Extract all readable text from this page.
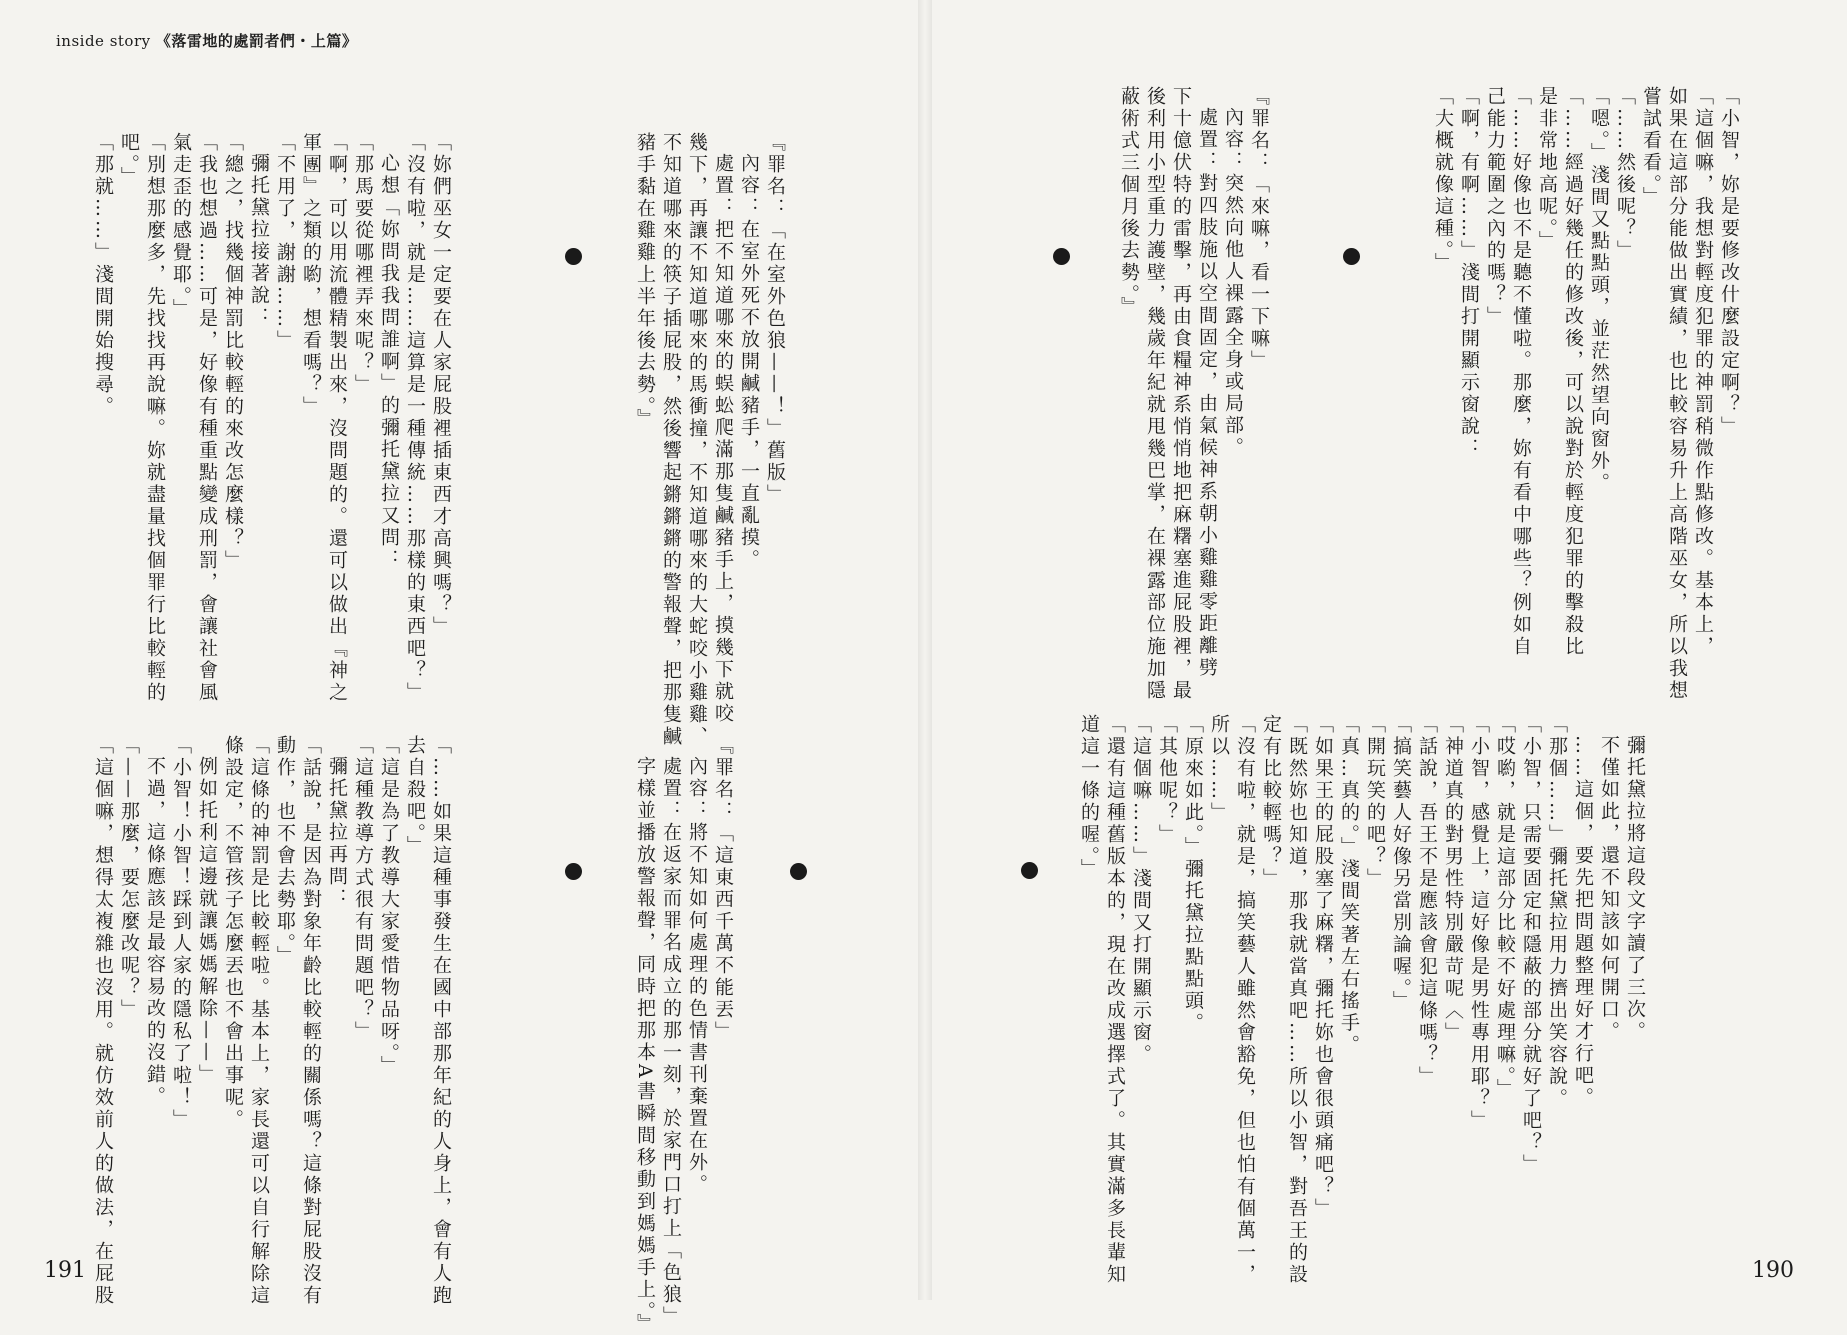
inside story 《落雷地的處罰者們・上篇》
191	190

「小智，妳是要修改什麼設定啊？」

「這個嘛，我想對輕度犯罪的神罰稍微作點修改。基本上，

如果在這部分能做出實績，也比較容易升上高階巫女，所以我想

嘗試看看。」

「……然後呢？」

「嗯。」淺間又點點頭，並茫然望向窗外。

「……經過好幾任的修改後，可以說對於輕度犯罪的擊殺比

是非常地高呢。」

「……好像也不是聽不懂啦。那麼，妳有看中哪些？例如自

己能力範圍之內的嗎？」

「啊，有啊……」淺間打開顯示窗說：

「大概就像這種。」

『罪名：「來嘛，看一下嘛」

內容：突然向他人裸露全身或局部。

處置：對四肢施以空間固定，由氣候神系朝小雞雞零距離劈

下十億伏特的雷擊，再由食糧神系悄悄地把麻糬塞進屁股裡，最

後利用小型重力護壁，幾歲年紀就甩幾巴掌，在裸露部位施加隱

蔽術式三個月後去勢。』

彌托黛拉將這段文字讀了三次。

不僅如此，還不知該如何開口。

……這個，要先把問題整理好才行吧。

「那個……」彌托黛拉用力擠出笑容說。

「小智，只需要固定和隱蔽的部分就好了吧？」

「哎喲，就是這部分比較不好處理嘛。」

「小智，感覺上，這好像是男性專用耶？」

「神道真的對男性特別嚴苛呢〈」

「話說，吾王不是應該會犯這條嗎？」

「搞笑藝人好像另當別論喔。」

「開玩笑的吧？」

「真…真的。」淺間笑著左右搖手。

「如果王的屁股塞了麻糬，彌托妳也會很頭痛吧？」

「既然妳也知道，那我就當真吧……所以小智，對吾王的設

定有比較輕嗎？」

「沒有啦，就是，搞笑藝人雖然會豁免，但也怕有個萬一，

所以……」

「原來如此。」彌托黛拉點點頭。

「其他呢？」

「這個嘛……」淺間又打開顯示窗。

「還有這種舊版本的，現在改成選擇式了。其實滿多長輩知

道這一條的喔。」

『罪名：「在室外色狼——！」舊版」

內容：在室外死不放開鹹豬手，一直亂摸。

處置：把不知道哪來的蜈蚣爬滿那隻鹹豬手上，摸幾下就咬

幾下，再讓不知道哪來的馬衝撞，不知道哪來的大蛇咬小雞雞、

不知道哪來的筷子插屁股，然後響起鏘鏘鏘的警報聲，把那隻鹹

豬手黏在雞雞上半年後去勢。』

「妳們巫女一定要在人家屁股裡插東西才高興嗎？」

「沒有啦，就是……這算是一種傳統……那樣的東西吧？」

心想「妳問我我問誰啊」的彌托黛拉又問：

「那馬要從哪裡弄來呢？」

「啊，可以用流體精製出來，沒問題的。還可以做出『神之

軍團』之類的喲，想看嗎？」

「不用了，謝謝……」

彌托黛拉接著說：

「總之，找幾個神罰比較輕的來改怎麼樣？」

「我也想過……可是，好像有種重點變成刑罰，會讓社會風

氣走歪的感覺耶。」

「別想那麼多，先找找再說嘛。妳就盡量找個罪行比較輕的

吧。」

「那就……」淺間開始搜尋。

『罪名：「這東西千萬不能丟」

內容：將不知如何處理的色情書刊棄置在外。

處置：在返家而罪名成立的那一刻，於家門口打上「色狼」

字樣並播放警報聲，同時把那本A書瞬間移動到媽媽手上。』

「……如果這種事發生在國中部那年紀的人身上，會有人跑

去自殺吧。」

「這是為了教導大家愛惜物品呀。」

「這種教導方式很有問題吧？」

彌托黛拉再問：

「話說，是因為對象年齡比較輕的關係嗎？這條對屁股沒有

動作，也不會去勢耶。」

「這條的神罰是比較輕啦。基本上，家長還可以自行解除這

條設定，不管孩子怎麼丟也不會出事呢。

例如托利這邊就讓媽媽解除——」

「小智！小智！踩到人家的隱私了啦！」

不過，這條應該是最容易改的沒錯。

「——那麼，要怎麼改呢？」

「這個嘛，想得太複雜也沒用。就仿效前人的做法，在屁股
